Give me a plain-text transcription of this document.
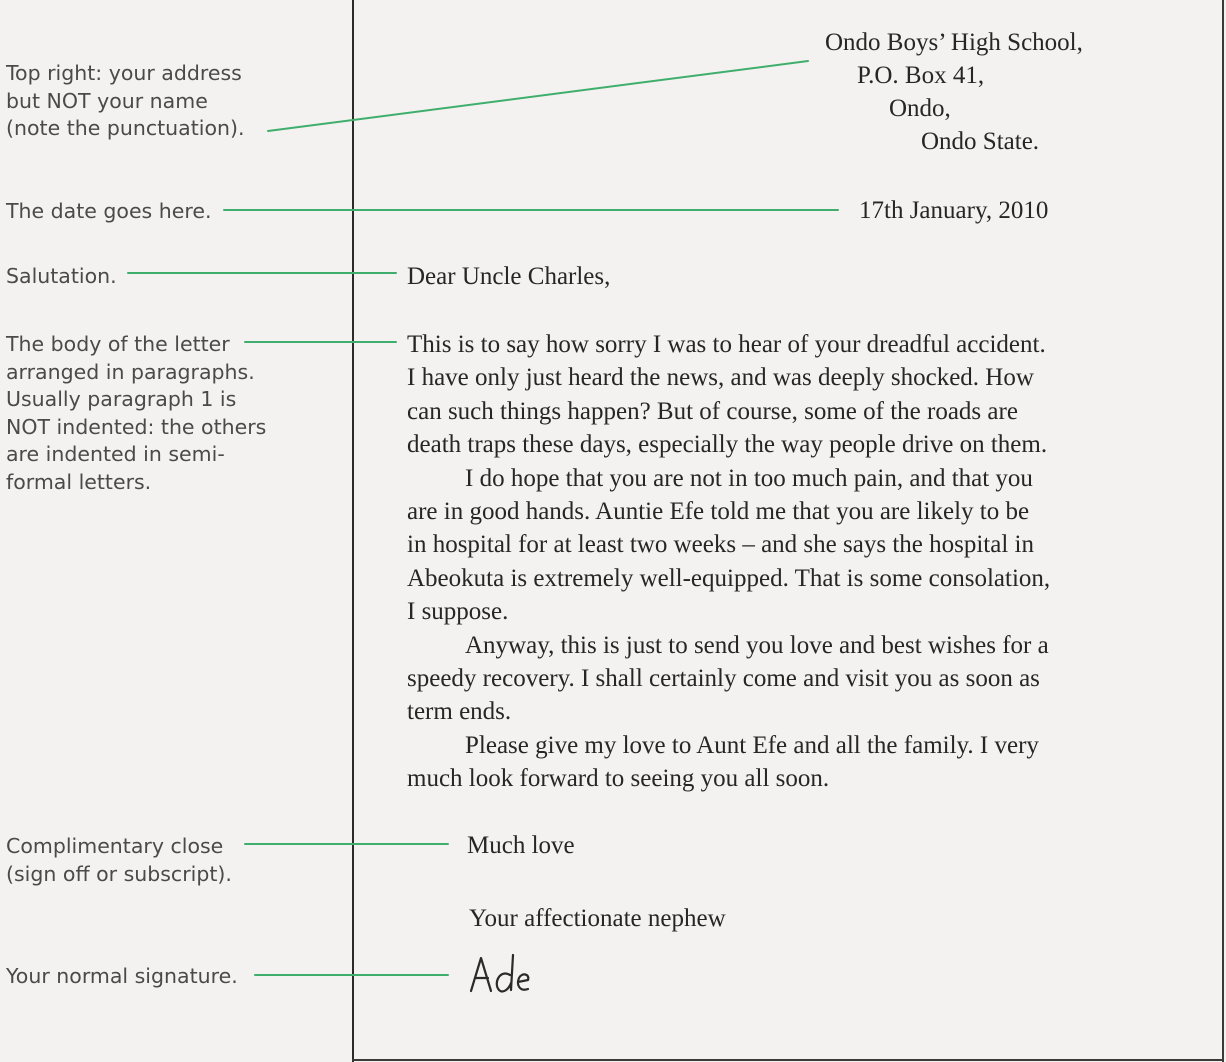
Top right: your address
but NOT your name
(note the punctuation).

The date goes here.

Salutation.

The body of the letter
arranged in paragraphs.
Usually paragraph 1 is
NOT indented: the others
are indented in semi-
formal letters.

Complimentary close
(sign off or subscript).

Your normal signature.

Ondo Boys’ High School,

P.O. Box 41,

Ondo,

Ondo State.

17th January, 2010

Dear Uncle Charles,

This is to say how sorry I was to hear of your dreadful accident.
I have only just heard the news, and was deeply shocked. How
can such things happen? But of course, some of the roads are
death traps these days, especially the way people drive on them.
I do hope that you are not in too much pain, and that you
are in good hands. Auntie Efe told me that you are likely to be
in hospital for at least two weeks – and she says the hospital in
Abeokuta is extremely well-equipped. That is some consolation,
I suppose.
Anyway, this is just to send you love and best wishes for a
speedy recovery. I shall certainly come and visit you as soon as
term ends.
Please give my love to Aunt Efe and all the family. I very
much look forward to seeing you all soon.

Much love

Your affectionate nephew
